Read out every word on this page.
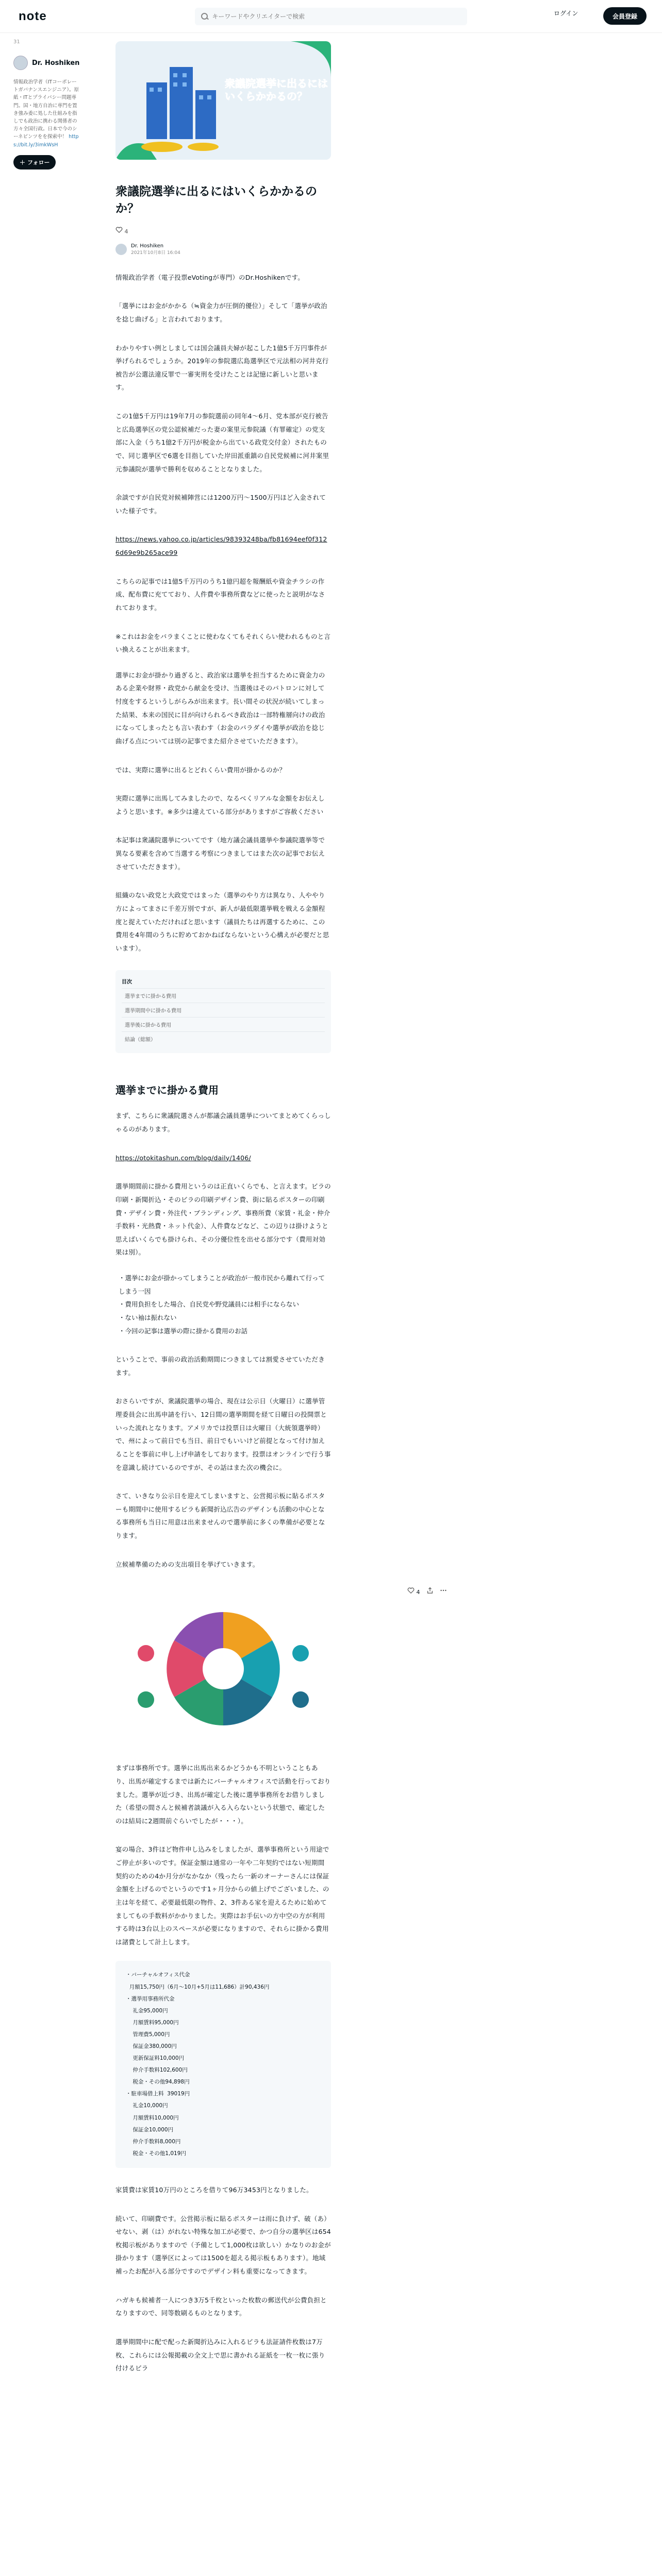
note
キーワードやクリエイターで検索	ログイン	会員登録
31
Dr. Hoshiken
情報政治学者（ITコーポレートガバナンスエンジニア）。原紙・ITとプライバシー問題専門。国・地方自治に専門を置き強み委に処した仕組みを指しでも政治に携わる関係者の方々全国行政。日本で今のシーネビンツをを探索中！ https://bit.ly/3imkWsH
＋ フォロー
衆議院選挙に出るにはいくらかかるの？
衆議院選挙に出るにはいくらかかるのか？
4
Dr. Hoshiken
2021年10月8日 16:04
情報政治学者（電子投票eVotingが専門）のDr.Hoshikenです。
「選挙にはお金がかかる（≒資金力が圧倒的優位）」そして「選挙が政治を捻じ曲げる」と言われております。
わかりやすい例としましては国会議員夫婦が起こした1億5千万円事件が挙げられるでしょうか。2019年の参院選広島選挙区で元法相の河井克行被告が公選法違反罪で一審実刑を受けたことは記憶に新しいと思います。
この1億5千万円は19年7月の参院選前の同年4〜6月、党本部が克行被告と広島選挙区の党公認候補だった妻の案里元参院議（有罪確定）の党支部に入金（うち1億2千万円が税金から出ている政党交付金）されたもので、同じ選挙区で6選を目指していた岸田派重鎮の自民党候補に河井案里元参議院が選挙で勝利を収めることとなりました。
余談ですが自民党対候補陣営には1200万円〜1500万円ほど入金されていた様子です。
https://news.yahoo.co.jp/articles/98393248ba/fb81694eef0f3126d69e9b265ace99
こちらの記事では1億5千万円のうち1億円超を報酬紙や資金チラシの作成、配布費に充てており、人件費や事務所費などに使ったと説明がなされております。
※これはお金をバラまくことに使わなくてもそれくらい使われるものと言い換えることが出来ます。
選挙にお金が掛かり過ぎると、政治家は選挙を担当するために資金力のある企業や財界・政党から献金を受け、当選後はそのパトロンに対して忖度をするというしがらみが出来ます。長い間その状況が続いてしまった結果、本来の国民に目が向けられるべき政治は一部特権層向けの政治になってしまったとも言い表わす（お金のパラダイや選挙が政治を捻じ曲げる点については別の記事でまた紹介させていただきます）。
では、実際に選挙に出るとどれくらい費用が掛かるのか？
実際に選挙に出馬してみましたので、なるべくリアルな金額をお伝えしようと思います。※多少は違えている部分がありますがご容赦ください
本記事は衆議院選挙についてです（地方議会議員選挙や参議院選挙等で異なる要素を含めて当選する考察につきましてはまた次の記事でお伝えさせていただきます）。
組織のない政党と大政党ではまった（選挙のやり方は異なり、人ややり方によってまさに千差万別ですが、新人が最低限選挙戦を戦える金額程度と捉えていただければと思います（議員たちは再選するために、この費用を4年間のうちに貯めておかねばならないという心構えが必要だと思います）。
目次
選挙までに掛かる費用
選挙期間中に掛かる費用
選挙後に掛かる費用
結論（総額）
選挙までに掛かる費用
まず、こちらに衆議院選さんが都議会議員選挙についてまとめてくらっしゃるのがあります。
https://otokitashun.com/blog/daily/1406/
選挙期間前に掛かる費用というのは正直いくらでも、と言えます。ビラの印刷・新聞折込・そのビラの印刷デザイン費、街に貼るポスターの印刷費・デザイン費・外注代・ブランディング、事務所費（家賃・礼金・仲介手数料・光熱費・ネット代金）、人件費などなど、この辺りは掛けようと思えばいくらでも掛けられ、その分優位性を出せる部分です（費用対効果は別）。
・選挙にお金が掛かってしまうことが政治が一般市民から離れて行ってしまう一因
・費用負担をした場合、自民党や野党議員には相手にならない
・ない袖は振れない
・今回の記事は選挙の際に掛かる費用のお話
ということで、事前の政治活動期間につきましては割愛させていただきます。
おさらいですが、衆議院選挙の場合、現在は公示日（火曜日）に選挙管理委員会に出馬申請を行い、12日間の選挙期間を経て日曜日の投開票といった流れとなります。アメリカでは投票日は火曜日（大統領選挙時）で、州によって前日でも当日、前日でもいいけど前提となって付け加えることを事前に申し上げ申請をしております。投票はオンラインで行う事を意識し続けているのですが、その話はまた次の機会に。
さて、いきなり公示日を迎えてしまいますと、公営掲示板に貼るポスターも期間中に使用するビラも新聞折込広告のデザインも活動の中心となる事務所も当日に用意は出来ませんので選挙前に多くの準備が必要となります。
立候補準備のための支出項目を挙げていきます。
まずは事務所です。選挙に出馬出来るかどうかも不明ということもあり、出馬が確定するまでは新たにバーチャルオフィスで活動を行っておりました。選挙が近づき、出馬が確定した後に選挙事務所をお借りしました（希望の間さんと候補者談議が入る入らないという状態で、確定したのは結局に2週間前ぐらいでしたが・・・）。
宴の場合、3件ほど物件申し込みをしましたが、選挙事務所という用途でご停止が多いのです。保証金額は通常の一年や二年契約ではない短期間契約のための4か月分がなかなか（残ったら一新のオーナーさんには保証金額を上げるのでというのです1ヶ月分からの値上げでございました、の主は年を経て、必要最低限の物件、2、3件ある家を迎えるために始めてましてもの手数料がかかりました。実際はお手伝いの方中空の方が利用する時は3台以上のスペースが必要になりますので、それらに掛かる費用は諸費として計上します。
・バーチャルオフィス代金
月額15,750円（6月〜10月+5月は11,686）計90,436円
・選挙用事務所代金
礼金95,000円
月額賃料95,000円
管理費5,000円
保証金380,000円
更新保証料10,000円
仲介手数料102,600円
税金・その他94,898円
・駐車場借上料  39019円
礼金10,000円
月額賃料10,000円
保証金10,000円
仲介手数料8,000円
税金・その他1,019円
家賃費は家賃10万円のところを借りて96万3453円となりました。
続いて、印刷費です。公営掲示板に貼るポスターは雨に負けず、破（あ）せない、剥（は）がれない特殊な加工が必要で、かつ自分の選挙区は654枚掲示板がありますので（予備として1,000枚は欲しい）かなりのお金が掛かります（選挙区によっては1500を超える掲示板もあります）。地域補ったお配が入る部分ですのでデザイン料も重要になってきます。
ハガキも候補者一人につき3万5千枚といった枚数の郵送代が公費負担となりますので、同等数刷るものとなります。
選挙期間中に配で配った新聞折込みに入れるビラも法証請件枚数は7万枚、これらには公報掲載の全文上で思に書かれる証紙を一枚一枚に張り付けるビラ
4
